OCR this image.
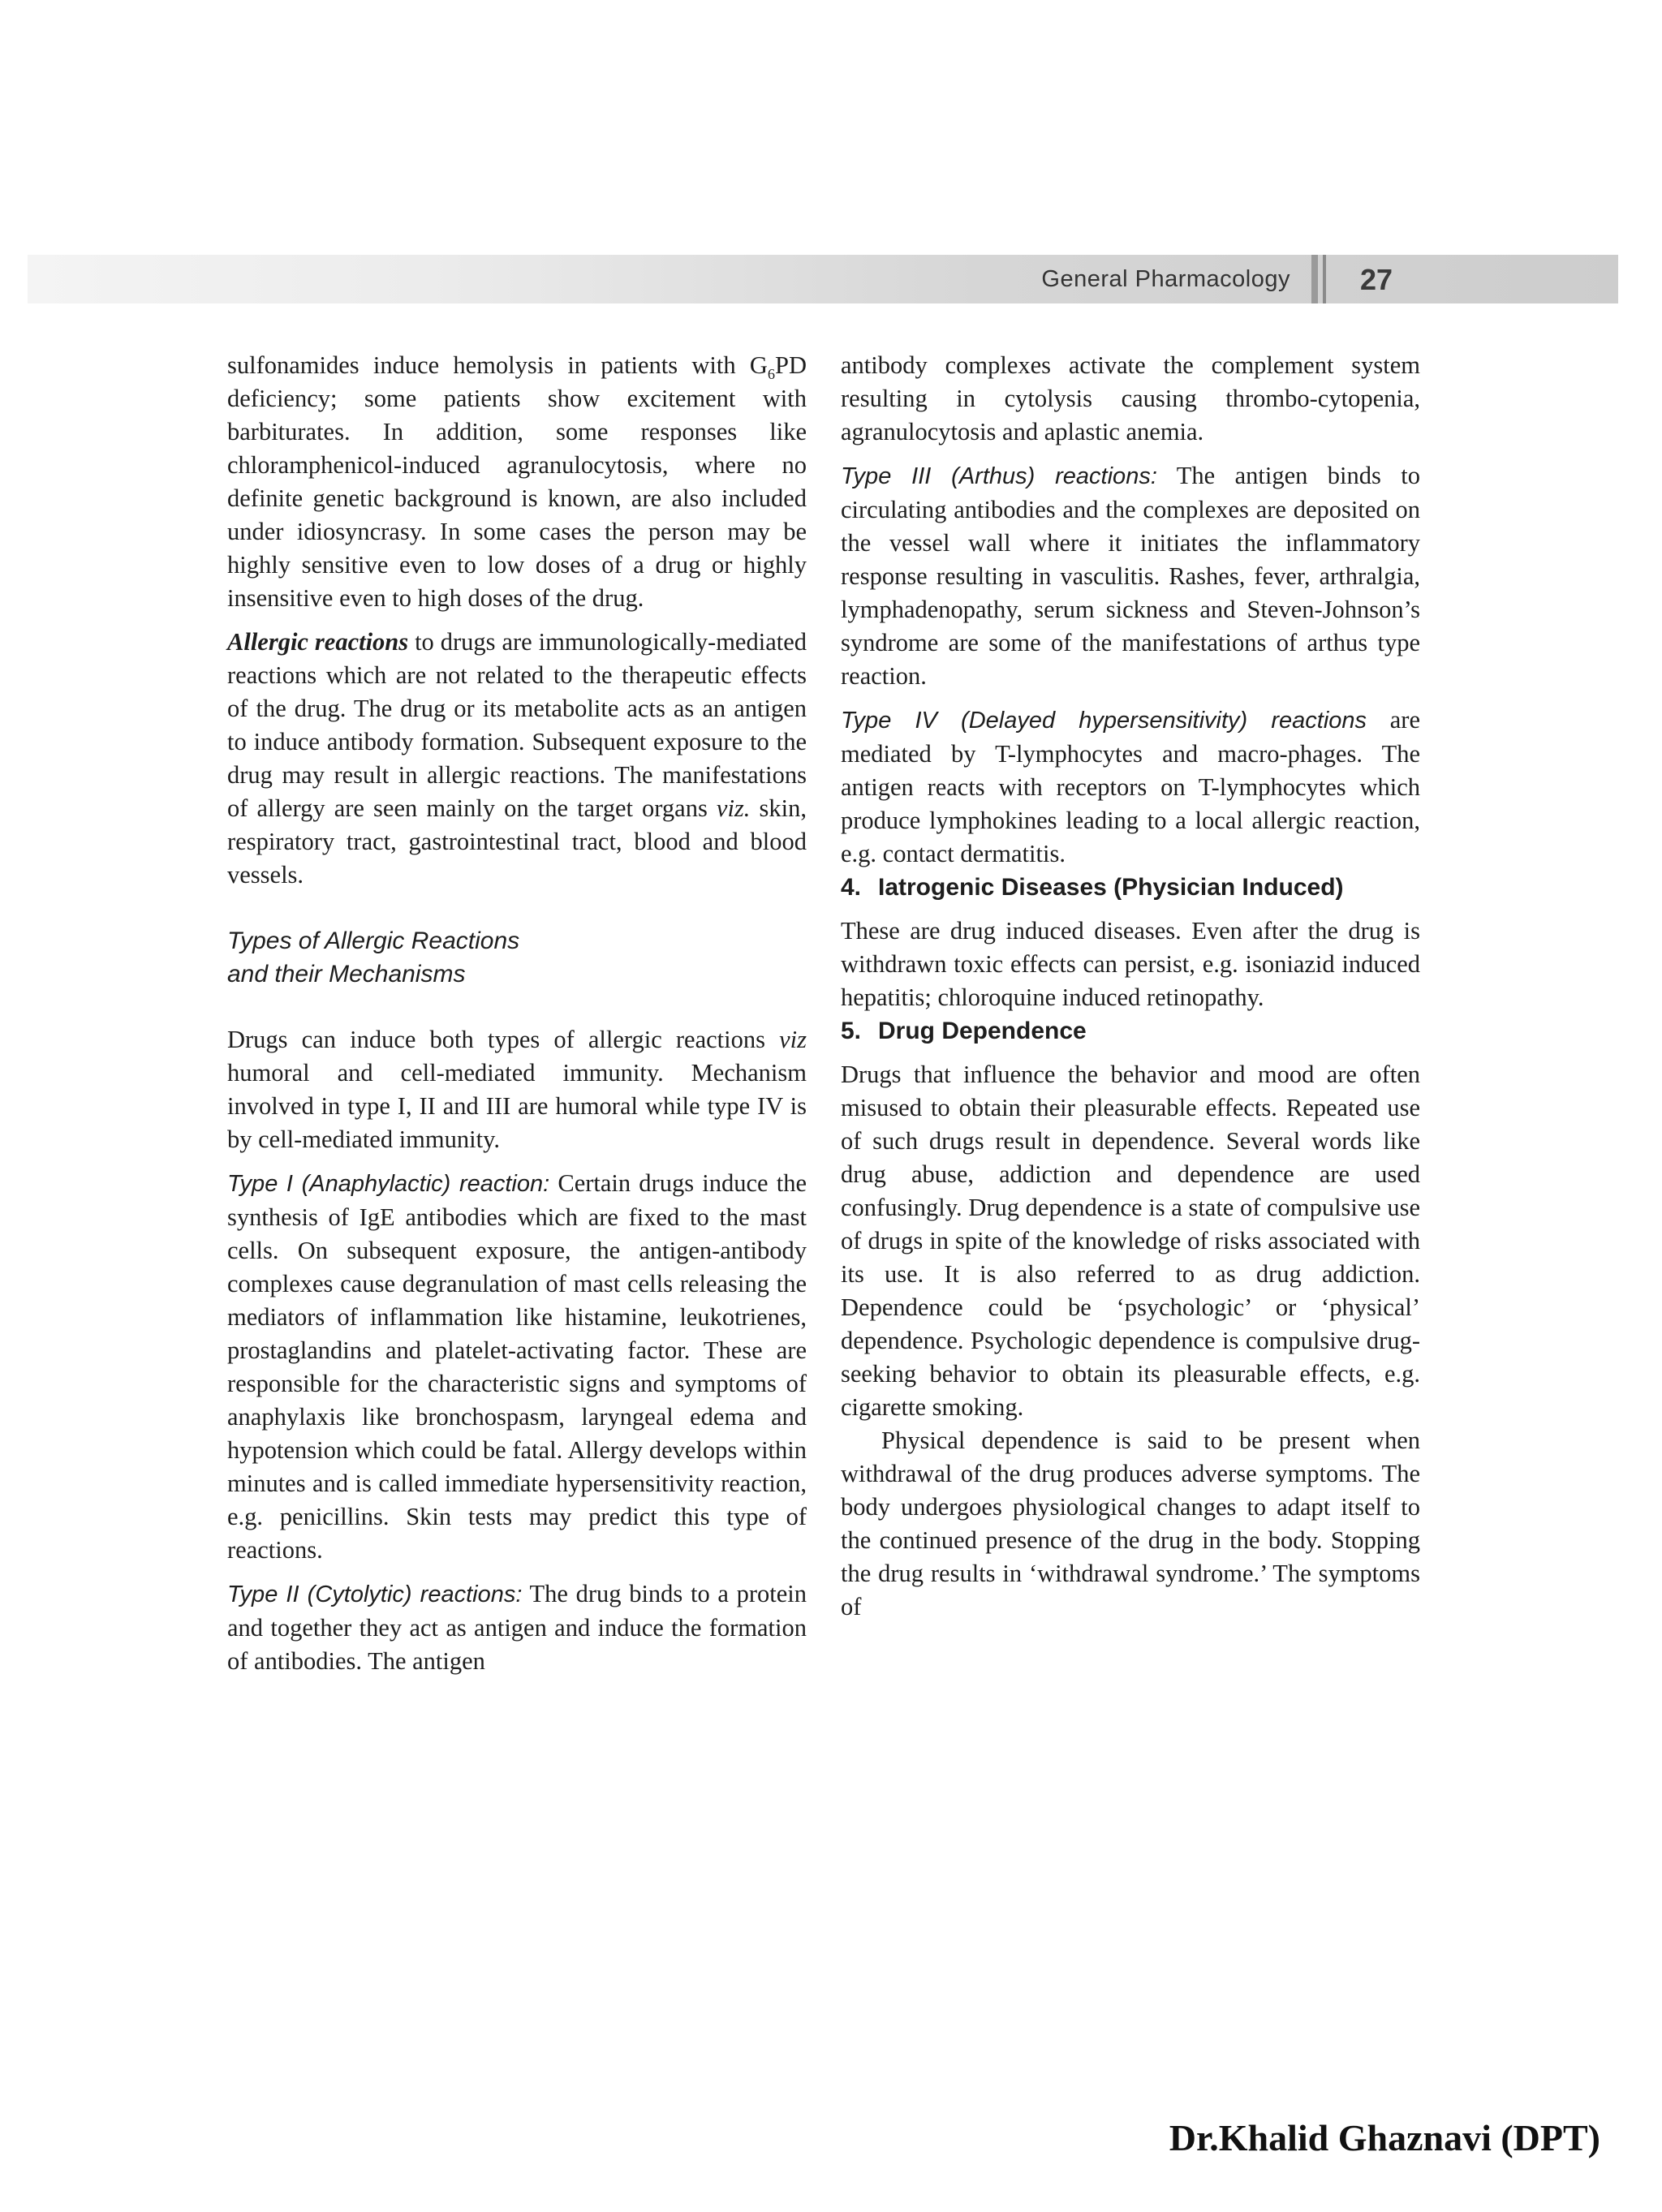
General Pharmacology 27

sulfonamides induce hemolysis in patients with $G_6PD$ deficiency; some patients show excitement with barbiturates. In addition, some responses like chloramphenicol-induced agranulocytosis, where no definite genetic background is known, are also included under idiosyncrasy. In some cases the person may be highly sensitive even to low doses of a drug or highly insensitive even to high doses of the drug.

Allergic reactions to drugs are immunologically-mediated reactions which are not related to the therapeutic effects of the drug. The drug or its metabolite acts as an antigen to induce antibody formation. Subsequent exposure to the drug may result in allergic reactions. The manifestations of allergy are seen mainly on the target organs viz. skin, respiratory tract, gastrointestinal tract, blood and blood vessels.

Types of Allergic Reactions
and their Mechanisms

Drugs can induce both types of allergic reactions viz humoral and cell-mediated immunity. Mechanism involved in type I, II and III are humoral while type IV is by cell-mediated immunity.

Type I (Anaphylactic) reaction: Certain drugs induce the synthesis of IgE antibodies which are fixed to the mast cells. On subsequent exposure, the antigen-antibody complexes cause degranulation of mast cells releasing the mediators of inflammation like histamine, leukotrienes, prostaglandins and platelet-activating factor. These are responsible for the characteristic signs and symptoms of anaphylaxis like bronchospasm, laryngeal edema and hypotension which could be fatal. Allergy develops within minutes and is called immediate hypersensitivity reaction, e.g. penicillins. Skin tests may predict this type of reactions.

Type II (Cytolytic) reactions: The drug binds to a protein and together they act as antigen and induce the formation of antibodies. The antigen

antibody complexes activate the complement system resulting in cytolysis causing thrombo-cytopenia, agranulocytosis and aplastic anemia.

Type III (Arthus) reactions: The antigen binds to circulating antibodies and the complexes are deposited on the vessel wall where it initiates the inflammatory response resulting in vasculitis. Rashes, fever, arthralgia, lymphadenopathy, serum sickness and Steven-Johnson’s syndrome are some of the manifestations of arthus type reaction.

Type IV (Delayed hypersensitivity) reactions are mediated by T-lymphocytes and macro-phages. The antigen reacts with receptors on T-lymphocytes which produce lymphokines leading to a local allergic reaction, e.g. contact dermatitis.

4. Iatrogenic Diseases (Physician Induced)

These are drug induced diseases. Even after the drug is withdrawn toxic effects can persist, e.g. isoniazid induced hepatitis; chloroquine induced retinopathy.

5. Drug Dependence

Drugs that influence the behavior and mood are often misused to obtain their pleasurable effects. Repeated use of such drugs result in dependence. Several words like drug abuse, addiction and dependence are used confusingly. Drug dependence is a state of compulsive use of drugs in spite of the knowledge of risks associated with its use. It is also referred to as drug addiction. Dependence could be ‘psychologic’ or ‘physical’ dependence. Psychologic dependence is compulsive drug-seeking behavior to obtain its pleasurable effects, e.g. cigarette smoking.

Physical dependence is said to be present when withdrawal of the drug produces adverse symptoms. The body undergoes physiological changes to adapt itself to the continued presence of the drug in the body. Stopping the drug results in ‘withdrawal syndrome.’ The symptoms of

Dr.Khalid Ghaznavi (DPT)
